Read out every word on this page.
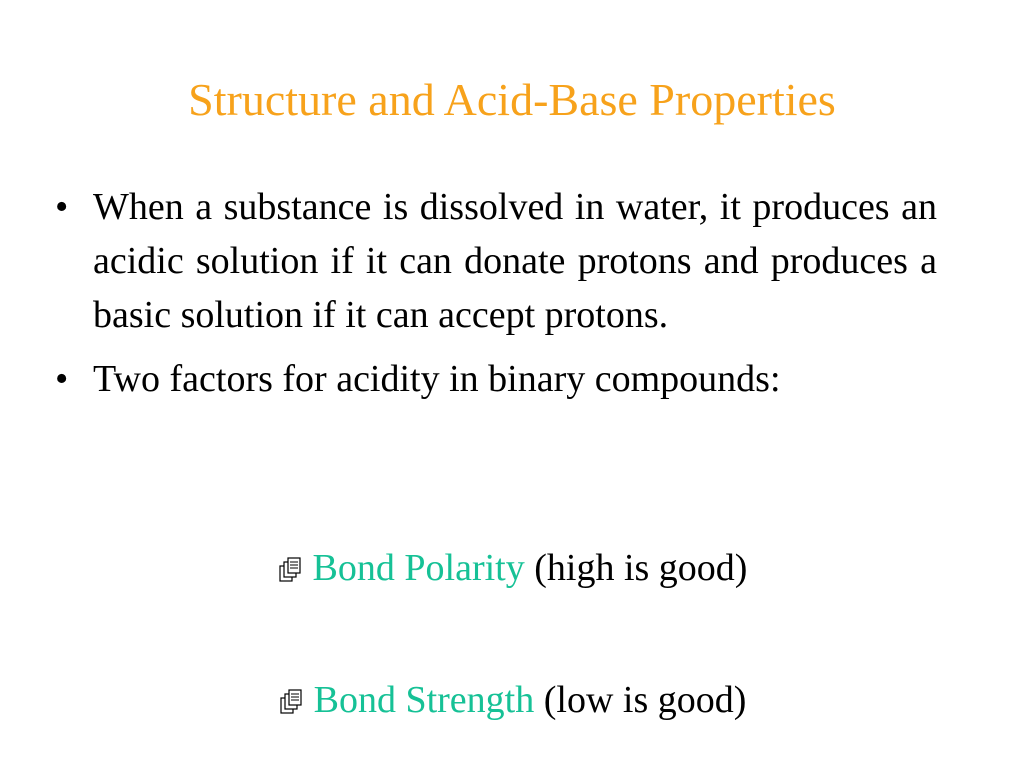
Structure and Acid-Base Properties
• When a substance is dissolved in water, it produces an acidic solution if it can donate protons and produces a basic solution if it can accept protons.
• Two factors for acidity in binary compounds:
Bond Polarity (high is good)
Bond Strength (low is good)
